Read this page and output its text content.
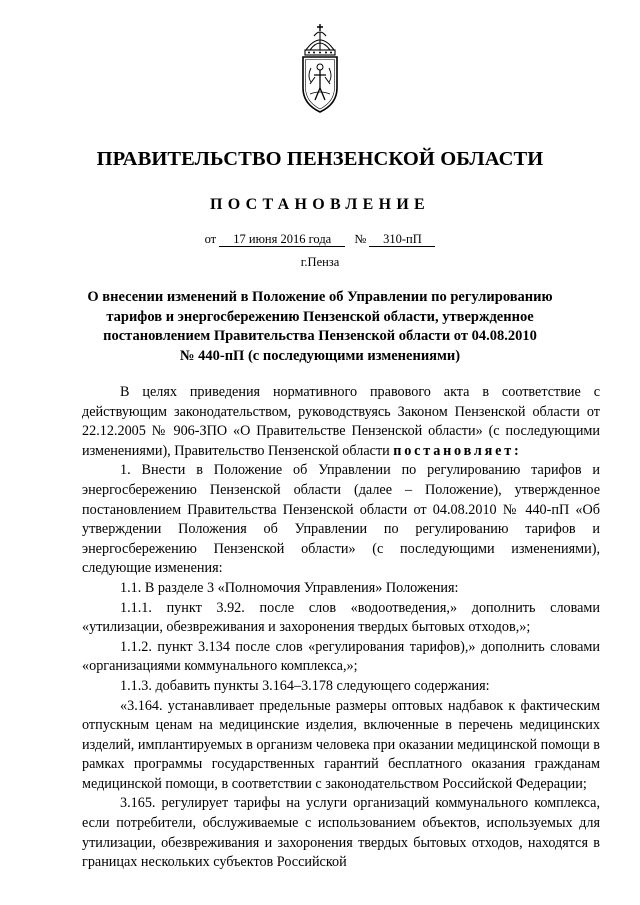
ПРАВИТЕЛЬСТВО ПЕНЗЕНСКОЙ ОБЛАСТИ
ПОСТАНОВЛЕНИЕ
от 17 июня 2016 года № 310-пП
г.Пенза
О внесении изменений в Положение об Управлении по регулированию
тарифов и энергосбережению Пензенской области, утвержденное
постановлением Правительства Пензенской области от 04.08.2010
№ 440-пП (с последующими изменениями)

В целях приведения нормативного правового акта в соответствие с действующим законодательством, руководствуясь Законом Пензенской области от 22.12.2005 № 906-ЗПО «О Правительстве Пензенской области» (с последующими изменениями), Правительство Пензенской области постановляет:

1. Внести в Положение об Управлении по регулированию тарифов и энергосбережению Пензенской области (далее – Положение), утвержденное постановлением Правительства Пензенской области от 04.08.2010 № 440-пП «Об утверждении Положения об Управлении по регулированию тарифов и энергосбережению Пензенской области» (с последующими изменениями), следующие изменения:

1.1. В разделе 3 «Полномочия Управления» Положения:

1.1.1. пункт 3.92. после слов «водоотведения,» дополнить словами «утилизации, обезвреживания и захоронения твердых бытовых отходов,»;

1.1.2. пункт 3.134 после слов «регулирования тарифов),» дополнить словами «организациями коммунального комплекса,»;

1.1.3. добавить пункты 3.164–3.178 следующего содержания:

«3.164. устанавливает предельные размеры оптовых надбавок к фактическим отпускным ценам на медицинские изделия, включенные в перечень медицинских изделий, имплантируемых в организм человека при оказании медицинской помощи в рамках программы государственных гарантий бесплатного оказания гражданам медицинской помощи, в соответствии с законодательством Российской Федерации;

3.165. регулирует тарифы на услуги организаций коммунального комплекса, если потребители, обслуживаемые с использованием объектов, используемых для утилизации, обезвреживания и захоронения твердых бытовых отходов, находятся в границах нескольких субъектов Российской
